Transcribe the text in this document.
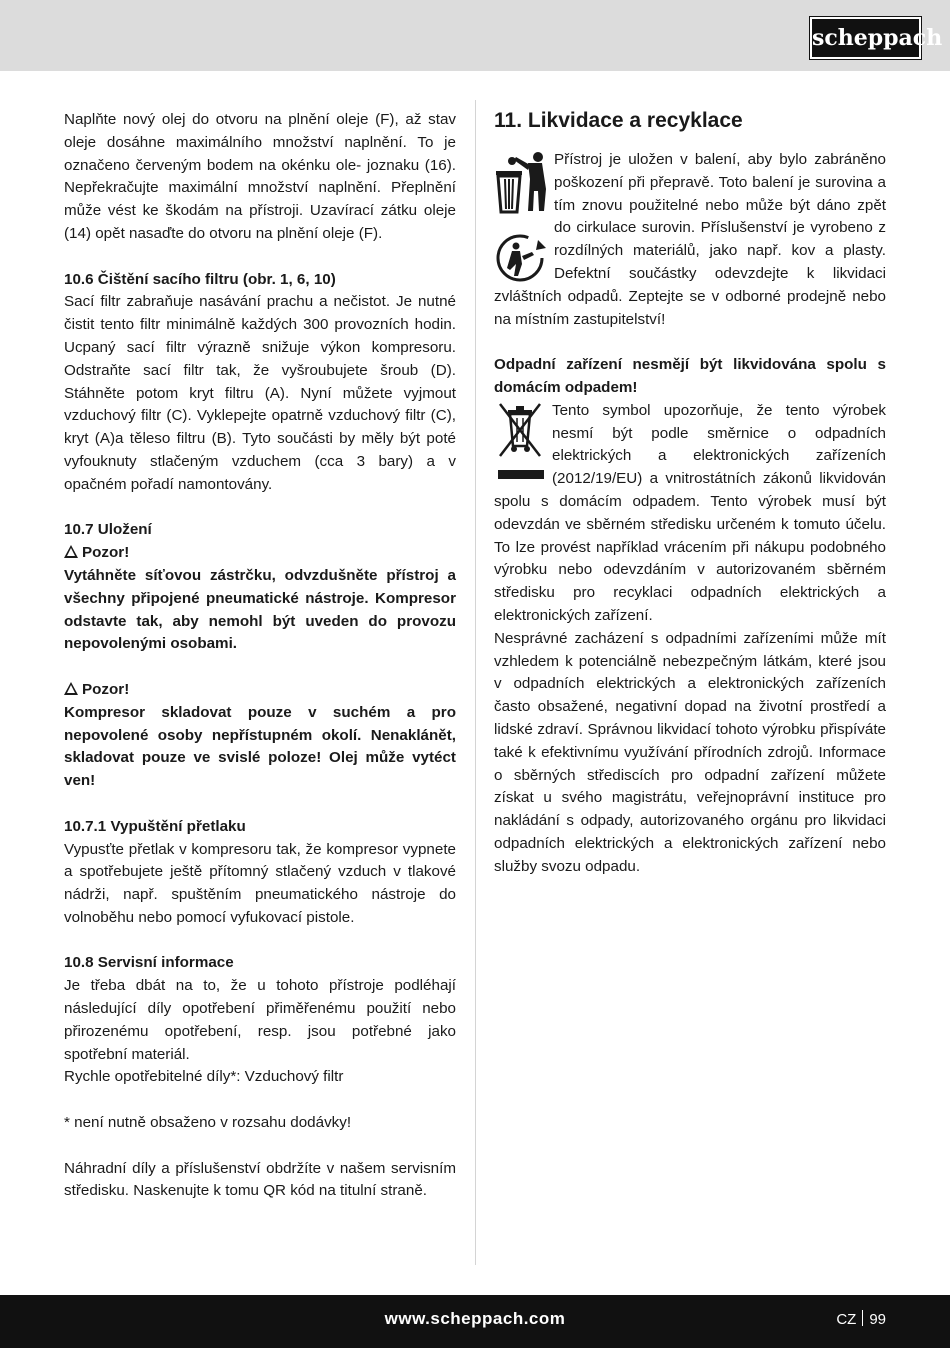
scheppach

Naplňte nový olej do otvoru na plnění oleje (F), až stav oleje dosáhne maximálního množství naplnění. To je označeno červeným bodem na okénku ole- joznaku (16). Nepřekračujte maximální množství naplnění. Přeplnění může vést ke škodám na přístroji. Uzavírací zátku oleje (14) opět nasaďte do otvoru na plnění oleje (F).

10.6 Čištění sacího filtru (obr. 1, 6, 10)

Sací filtr zabraňuje nasávání prachu a nečistot. Je nutné čistit tento filtr minimálně každých 300 provozních hodin. Ucpaný sací filtr výrazně snižuje výkon kompresoru. Odstraňte sací filtr tak, že vyšroubujete šroub (D). Stáhněte potom kryt filtru (A). Nyní můžete vyjmout vzduchový filtr (C). Vyklepejte opatrně vzduchový filtr (C), kryt (A)a těleso filtru (B). Tyto součásti by měly být poté vyfouknuty stlačeným vzduchem (cca 3 bary) a v opačném pořadí namontovány.

10.7 Uložení

Pozor!

Vytáhněte síťovou zástrčku, odvzdušněte přístroj a všechny připojené pneumatické nástroje. Kompresor odstavte tak, aby nemohl být uveden do provozu nepovolenými osobami.

Pozor!

Kompresor skladovat pouze v suchém a pro nepovolené osoby nepřístupném okolí. Nenaklánět, skladovat pouze ve svislé poloze! Olej může vytéct ven!

10.7.1 Vypuštění přetlaku

Vypusťte přetlak v kompresoru tak, že kompresor vypnete a spotřebujete ještě přítomný stlačený vzduch v tlakové nádrži, např. spuštěním pneumatického nástroje do volnoběhu nebo pomocí vyfukovací pistole.

10.8 Servisní informace

Je třeba dbát na to, že u tohoto přístroje podléhají následující díly opotřebení přiměřenému použití nebo přirozenému opotřebení, resp. jsou potřebné jako spotřební materiál.

Rychle opotřebitelné díly*: Vzduchový filtr

* není nutně obsaženo v rozsahu dodávky!

Náhradní díly a příslušenství obdržíte v našem servisním středisku. Naskenujte k tomu QR kód na titulní straně.

11. Likvidace a recyklace

Přístroj je uložen v balení, aby bylo zabráněno poškození při přepravě. Toto balení je surovina a tím znovu použitelné nebo může být dáno zpět do cirkulace surovin. Příslušenství je vyrobeno z rozdílných materiálů, jako např. kov a plasty. Defektní součástky odevzdejte k likvidaci zvláštních odpadů. Zeptejte se v odborné prodejně nebo na místním zastupitelství!

Odpadní zařízení nesmějí být likvidována spolu s domácím odpadem!

Tento symbol upozorňuje, že tento výrobek nesmí být podle směrnice o odpadních elektrických a elektronických zařízeních (2012/19/EU) a vnitrostátních zákonů likvidován spolu s domácím odpadem. Tento výrobek musí být odevzdán ve sběrném středisku určeném k tomuto účelu. To lze provést například vrácením při nákupu podobného výrobku nebo odevzdáním v autorizovaném sběrném středisku pro recyklaci odpadních elektrických a elektronických zařízení.

Nesprávné zacházení s odpadními zařízeními může mít vzhledem k potenciálně nebezpečným látkám, které jsou v odpadních elektrických a elektronických zařízeních často obsažené, negativní dopad na životní prostředí a lidské zdraví. Správnou likvidací tohoto výrobku přispíváte také k efektivnímu využívání přírodních zdrojů. Informace o sběrných střediscích pro odpadní zařízení můžete získat u svého magistrátu, veřejnoprávní instituce pro nakládání s odpady, autorizovaného orgánu pro likvidaci odpadních elektrických a elektronických zařízení nebo služby svozu odpadu.

www.scheppach.com	CZ 99
